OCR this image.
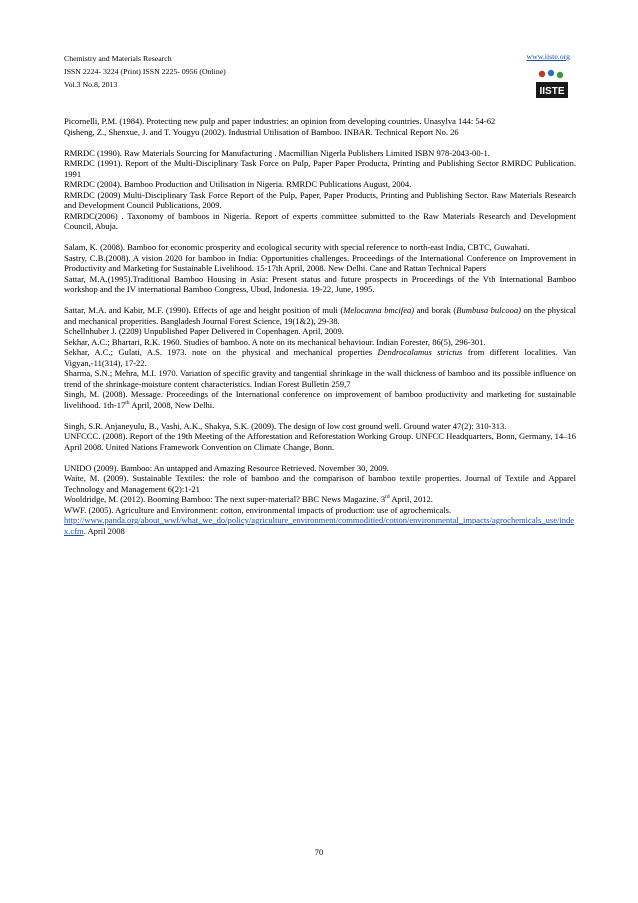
Chemistry and Materials Research
ISSN 2224- 3224 (Print) ISSN 2225- 0956 (Online)
Vol.3 No.8, 2013
www.iiste.org
IISTE

Picornelli, P.M. (1984). Protecting new pulp and paper industries: an opinion from developing countries. Unasylva 144: 54-62

Qisheng, Z., Shenxue, J. and T. Yougyu (2002). Industrial Utilisation of Bamboo. INBAR. Technical Report No. 26

RMRDC (1990). Raw Materials Sourcing for Manufacturing . Macmillian Nigerla Publishers Limited ISBN 978-2043-00-1.

RMRDC (1991). Report of the Multi-Disciplinary Task Force on Pulp, Paper Paper Producta, Printing and Publishing Sector RMRDC Publication. 1991

RMRDC (2004). Bamboo Production and Utilisation in Nigeria. RMRDC Publications August, 2004.

RMRDC (2009) Multi-Disciplinary Task Force Report of the Pulp, Paper, Paper Products, Printing and Publishing Sector. Raw Materials Research and Development Council Publications, 2009.

RMRDC(2006) . Taxonomy of bamboos in Nigeria. Report of experts committee submitted to the Raw Materials Research and Development Council, Abuja.

Salam, K. (2008). Bamboo for economic prosperity and ecological security with special reference to north-east India, CBTC, Guwahati.

Sastry, C.B.(2008). A vision 2020 for bamboo in India: Opportunities challenges. Proceedings of the International Conference on Improvement in Productivity and Marketing for Sustainable Livelihood. 15-17th April, 2008. New Delhi. Cane and Rattan Technical Papers

Sattar, M.A.(1995).Traditional Bamboo Housing in Asia: Present status and future prospects in Proceedings of the Vth International Bamboo workshop and the IV international Bamboo Congress, Ubud, Indonesia. 19-22, June, 1995.

Sattar, M.A. and Kabir, M.F. (1990). Effects of age and height position of muli (Melocanna bmcifea) and borak (Bumbusa bulcooa) on the physical and mechanical properities. Bangladesh Journal Forest Science, 19(1&2), 29-38.

Schellnhuber J. (2209) Unpublished Paper Delivered in Copenhagen. April, 2009.

Sekhar, A.C.; Bhartari, R.K. 1960. Studies of bamboo. A note on its mechanical behaviour. Indian Forester, 86(5), 296-301.

Sekhar, A.C.; Gulati, A.S. 1973. note on the physical and mechanical properties Dendrocalamus strictus from different localities. Van Vigyan,-11(314), 17-22.

Sharma, S.N.; Mehra, M.I. 1970. Variation of specific gravity and tangential shrinkage in the wall thickness of bamboo and its possible influence on trend of the shrinkage-moisture content characteristics. Indian Forest Bulletin 259,7

Singh, M. (2008). Message. Proceedings of the International conference on improvement of bamboo productivity and marketing for sustainable livelihood. 1th-17th April, 2008, New Delhi.

Singh, S.R. Anjaneyulu, B., Vashi, A.K., Shakya, S.K. (2009). The design of low cost ground well. Ground water 47(2): 310-313.

UNFCCC. (2008). Report of the 19th Meeting of the Afforestation and Reforestation Working Group. UNFCC Headquarters, Bonn, Germany, 14–16 April 2008. United Nations Framework Convention on Climate Change, Bonn.

UNIDO (2009). Bamboo: An untapped and Amazing Resource Retrieved. November 30, 2009.

Waite, M. (2009). Sustainable Textiles: the role of bamboo and the comparison of bamboo textile properties. Journal of Textile and Apparel Technology and Management 6(2):1-21

Wooldridge, M. (2012). Booming Bamboo: The next super-material? BBC News Magazine. 3rd April, 2012.

WWF. (2005). Agriculture and Environment: cotton, environmental impacts of production: use of agrochemicals.

http://www.panda.org/about_wwf/what_we_do/policy/agriculture_environment/commoditied/cotton/environmental_impacts/agrochemicals_use/index.cfm. April 2008

70
